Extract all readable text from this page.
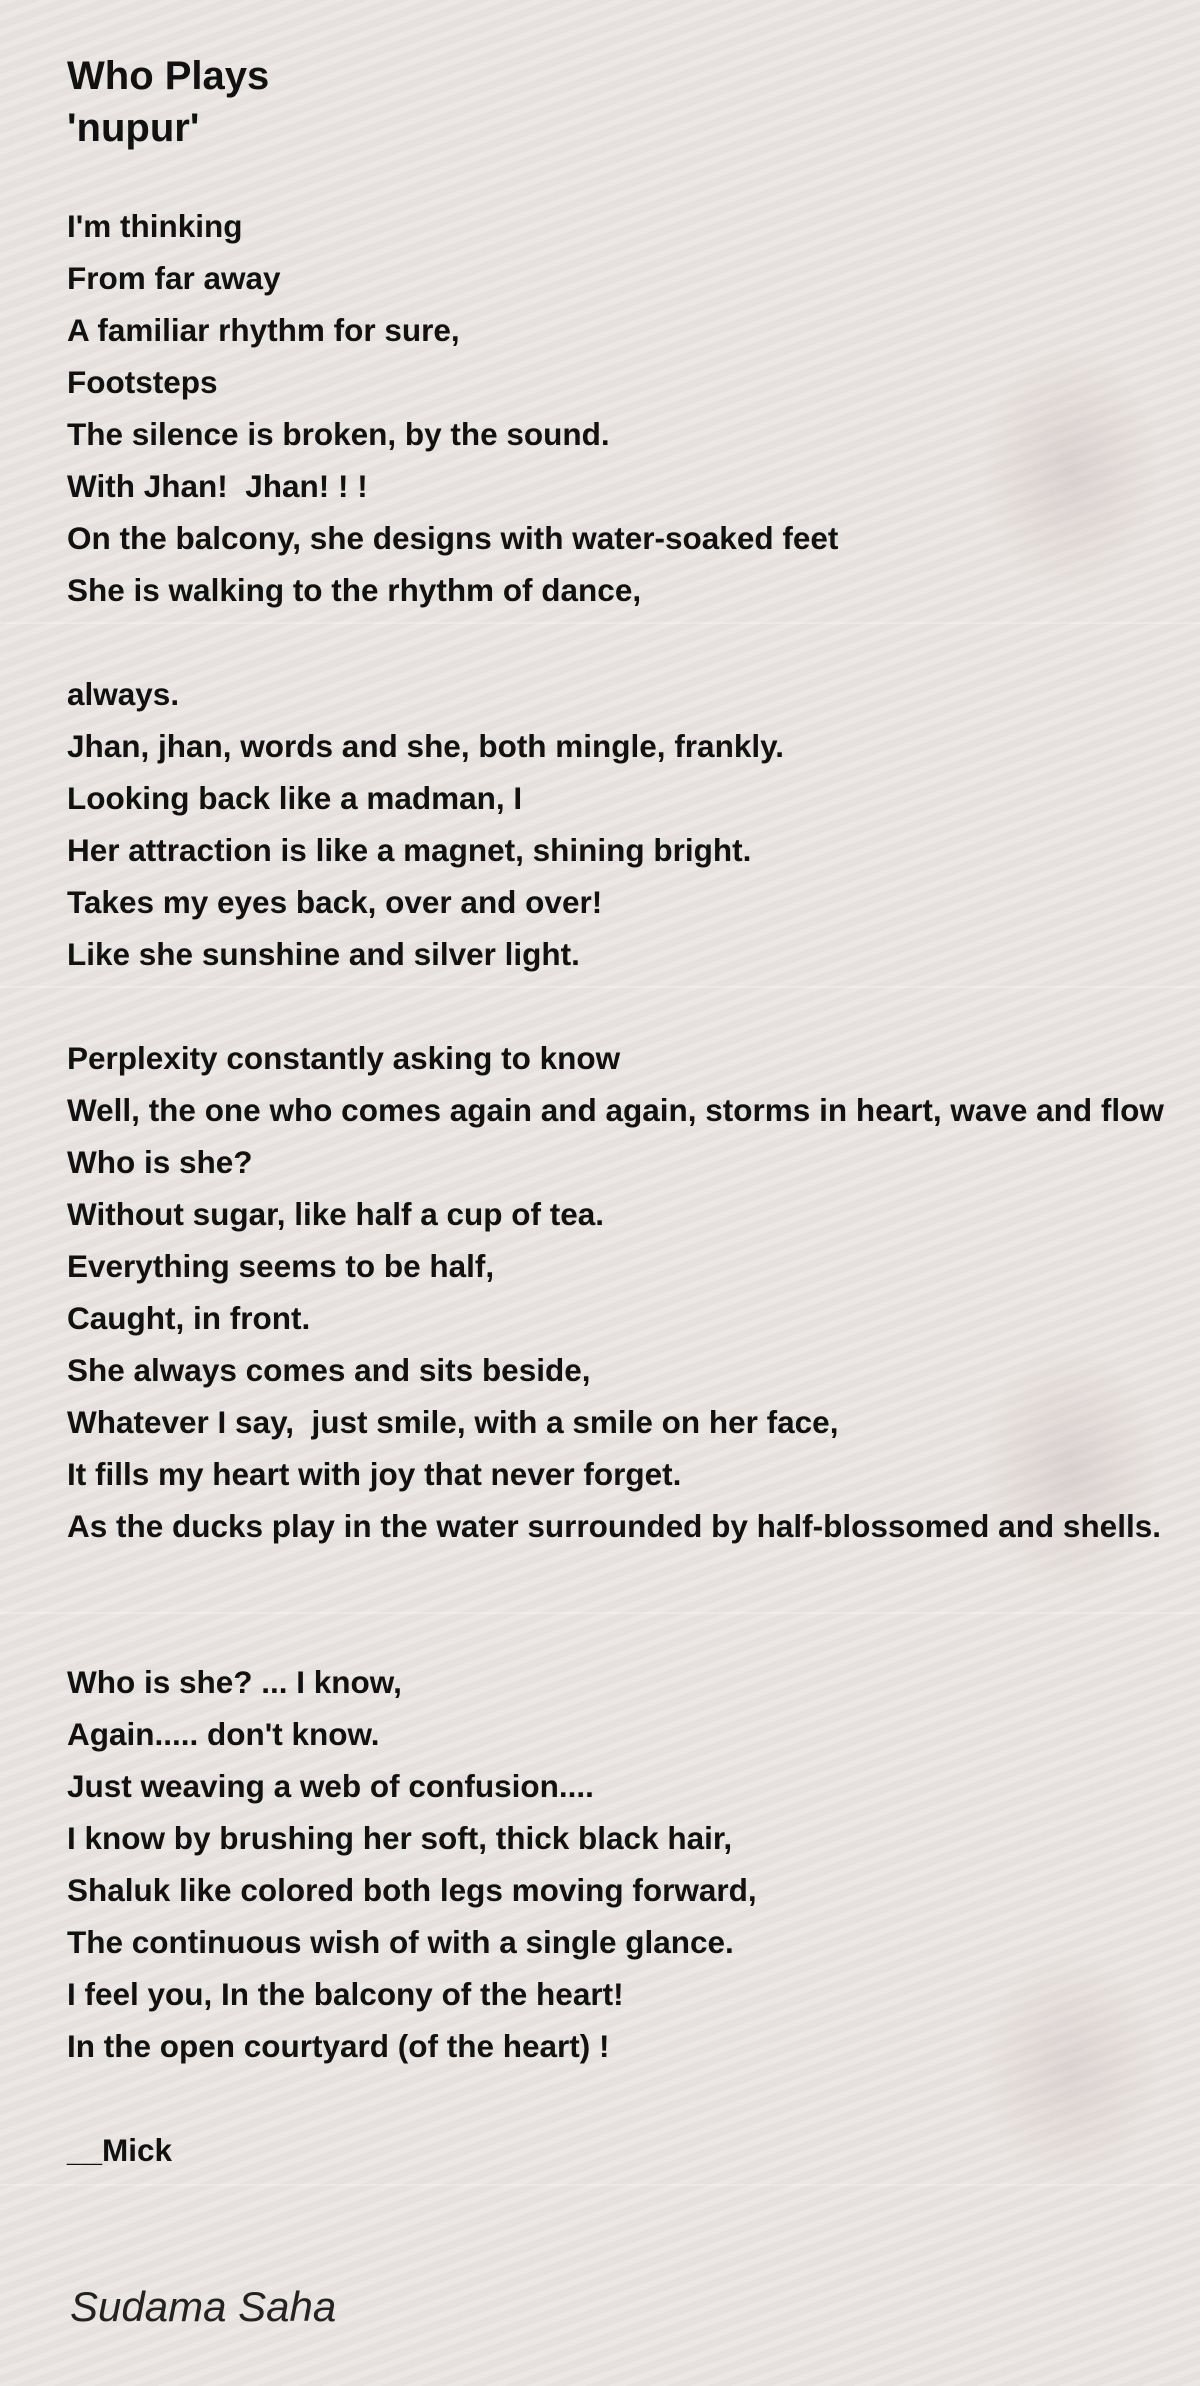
Who Plays
'nupur'
I'm thinking
From far away
A familiar rhythm for sure,
Footsteps
The silence is broken, by the sound.
With Jhan!  Jhan! ! !
On the balcony, she designs with water-soaked feet
She is walking to the rhythm of dance,
always.
Jhan, jhan, words and she, both mingle, frankly.
Looking back like a madman, I
Her attraction is like a magnet, shining bright.
Takes my eyes back, over and over!
Like she sunshine and silver light.
Perplexity constantly asking to know
Well, the one who comes again and again, storms in heart, wave and flow
Who is she?
Without sugar, like half a cup of tea.
Everything seems to be half,
Caught, in front.
She always comes and sits beside,
Whatever I say,  just smile, with a smile on her face,
It fills my heart with joy that never forget.
As the ducks play in the water surrounded by half-blossomed and shells.
Who is she? ... I know,
Again..... don't know.
Just weaving a web of confusion....
I know by brushing her soft, thick black hair,
Shaluk like colored both legs moving forward,
The continuous wish of with a single glance.
I feel you, In the balcony of the heart!
In the open courtyard (of the heart) !
__Mick
Sudama Saha
